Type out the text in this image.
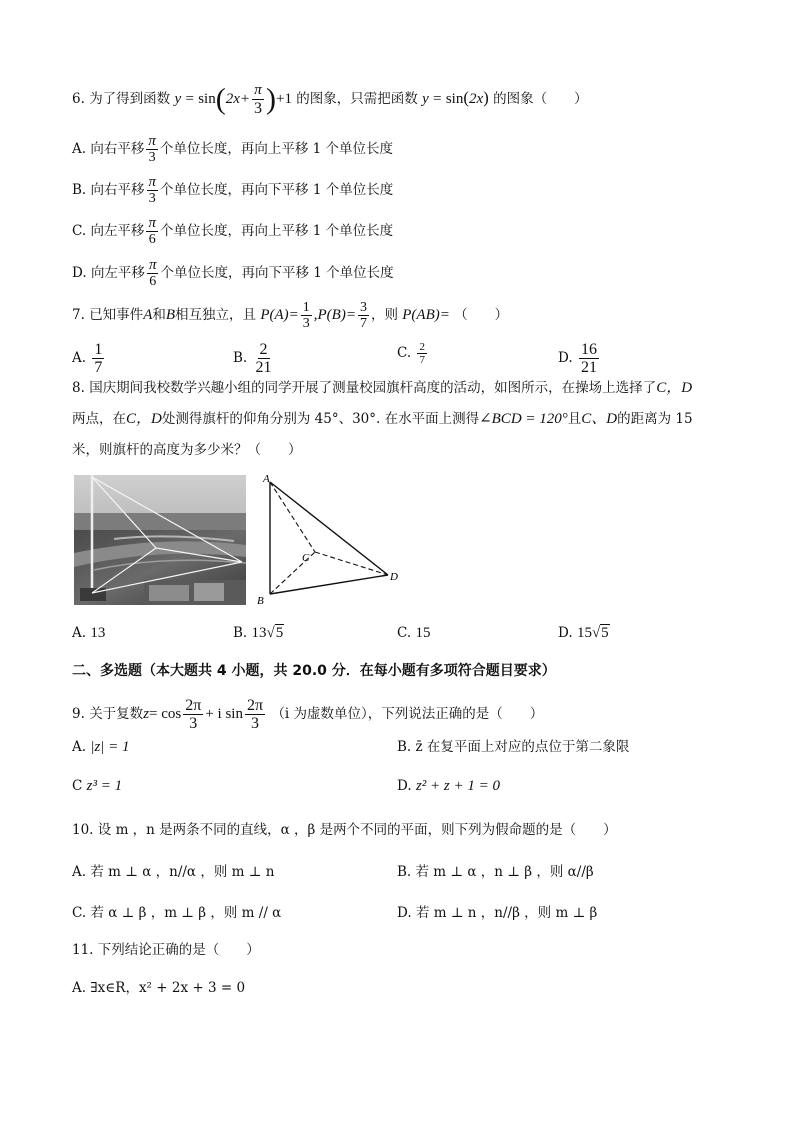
6. 为了得到函数 $y = \sin(2x+ \frac{\pi}{3} )+1$ 的图象，只需把函数 y = sin(2x) 的图象（　　）
A. 向右平移 $\frac{\pi}{3}$ 个单位长度，再向上平移 1 个单位长度
B. 向右平移 $\frac{\pi}{3}$ 个单位长度，再向下平移 1 个单位长度
C. 向左平移 $\frac{\pi}{6}$ 个单位长度，再向上平移 1 个单位长度
D. 向左平移 $\frac{\pi}{6}$ 个单位长度，再向下平移 1 个单位长度
7. 已知事件A和B相互独立，且 $P(A)= \frac{1}{3} ,P(B)= \frac{3}{7}$ ，则 P(AB)= （　　）
A. $\frac{1}{7}$	B. $\frac{2}{21}$	C. $\frac{2}{7}$	D. $\frac{16}{21}$
8. 国庆期间我校数学兴趣小组的同学开展了测量校园旗杆高度的活动，如图所示，在操场上选择了C，D
两点，在C，D处测得旗杆的仰角分别为 45°、30°. 在水平面上测得∠BCD = 120°且C、D的距离为 15
米，则旗杆的高度为多少米？（　　）
A
B
C
D
A. 13	B. 13√5	C. 15	D. 15√5
二、多选题（本大题共 4 小题，共 20.0 分．在每小题有多项符合题目要求）
9. 关于复数$z= \cos \frac{2\pi}{3} + i$ $\sin \frac{2\pi}{3} (i$ 为虚数单位），下列说法正确的是（　　）
A. |z| = 1	B. z̄ 在复平面上对应的点位于第二象限
C z³ = 1	D. z² + z + 1 = 0
10. 设 m ，n 是两条不同的直线，α ，β 是两个不同的平面，则下列为假命题的是（　　）
A. 若 m ⊥ α ，n//α ，则 m ⊥ n	B. 若 m ⊥ α ，n ⊥ β ，则 α//β
C. 若 α ⊥ β ，m ⊥ β ，则 m // α	D. 若 m ⊥ n ，n//β ，则 m ⊥ β
11. 下列结论正确的是（　　）
A. ∃x∈R，x² + 2x + 3 = 0
